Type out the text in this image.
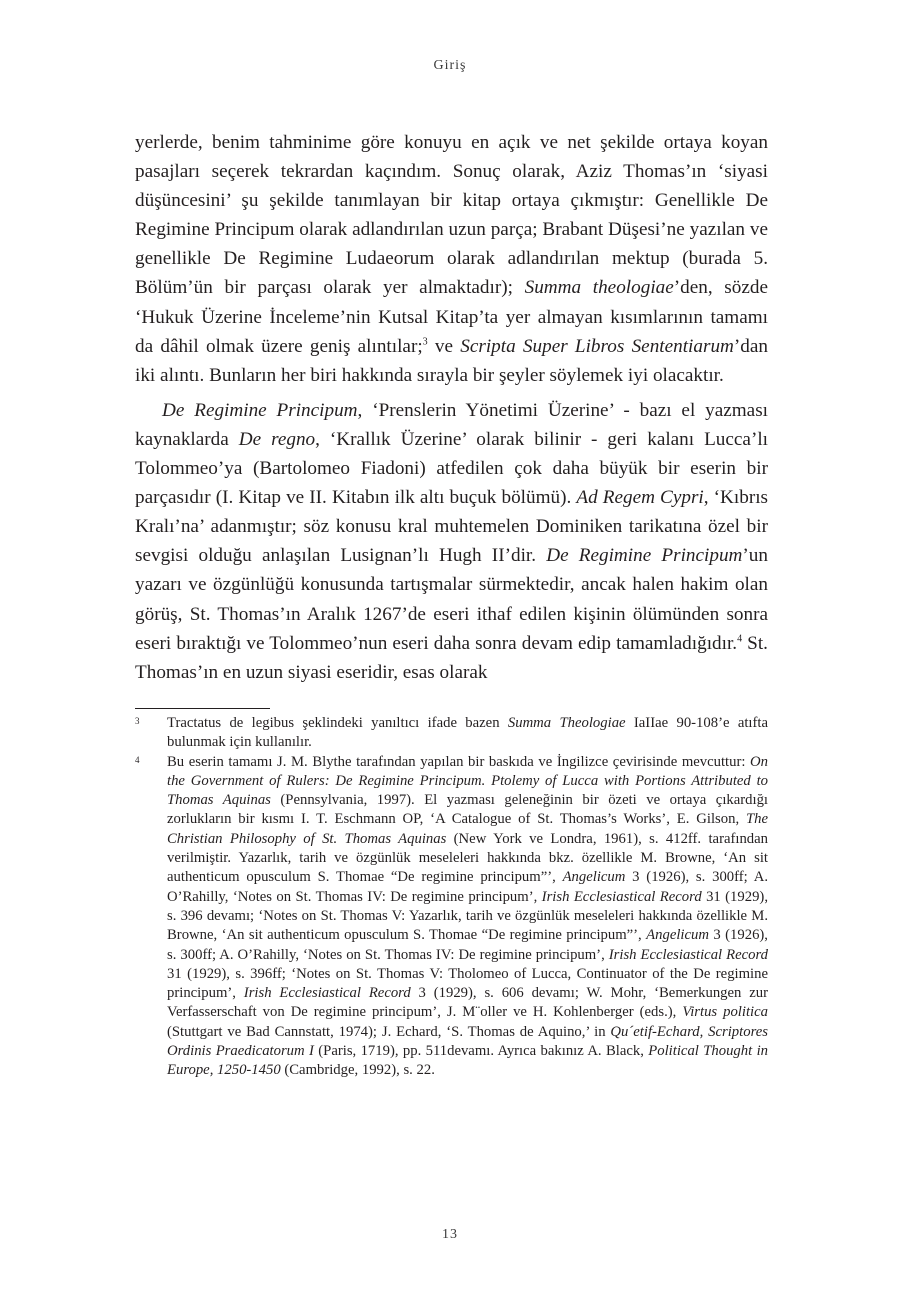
Giriş

yerlerde, benim tahminime göre konuyu en açık ve net şekilde ortaya koyan pasajları seçerek tekrardan kaçındım. Sonuç olarak, Aziz Thomas’ın ‘siyasi düşüncesini’ şu şekilde tanımlayan bir kitap ortaya çıkmıştır: Genellikle De Regimine Principum olarak adlandırılan uzun parça; Brabant Düşesi’ne yazılan ve genellikle De Regimine Ludaeorum olarak adlandırılan mektup (burada 5. Bölüm’ün bir parçası olarak yer almaktadır); Summa theologiae’den, sözde ‘Hukuk Üzerine İnceleme’nin Kutsal Kitap’ta yer almayan kısımlarının tamamı da dâhil olmak üzere geniş alıntılar;$^3$ ve Scripta Super Libros Sententiarum’dan iki alıntı. Bunların her biri hakkında sırayla bir şeyler söylemek iyi olacaktır.

De Regimine Principum, ‘Prenslerin Yönetimi Üzerine’ - bazı el yazması kaynaklarda De regno, ‘Krallık Üzerine’ olarak bilinir - geri kalanı Lucca’lı Tolommeo’ya (Bartolomeo Fiadoni) atfedilen çok daha büyük bir eserin bir parçasıdır (I. Kitap ve II. Kitabın ilk altı buçuk bölümü). Ad Regem Cypri, ‘Kıbrıs Kralı’na’ adanmıştır; söz konusu kral muhtemelen Dominiken tarikatına özel bir sevgisi olduğu anlaşılan Lusignan’lı Hugh II’dir. De Regimine Principum’un yazarı ve özgünlüğü konusunda tartışmalar sürmektedir, ancak halen hakim olan görüş, St. Thomas’ın Aralık 1267’de eseri ithaf edilen kişinin ölümünden sonra eseri bıraktığı ve Tolommeo’nun eseri daha sonra devam edip tamamladığıdır.$^4$ St. Thomas’ın en uzun siyasi eseridir, esas olarak

3 Tractatus de legibus şeklindeki yanıltıcı ifade bazen Summa Theologiae IaIIae 90-108’e atıfta bulunmak için kullanılır.
4 Bu eserin tamamı J. M. Blythe tarafından yapılan bir baskıda ve İngilizce çevirisinde mevcuttur: On the Government of Rulers: De Regimine Principum. Ptolemy of Lucca with Portions Attributed to Thomas Aquinas (Pennsylvania, 1997). El yazması geleneğinin bir özeti ve ortaya çıkardığı zorlukların bir kısmı I. T. Eschmann OP, ‘A Catalogue of St. Thomas’s Works’, E. Gilson, The Christian Philosophy of St. Thomas Aquinas (New York ve Londra, 1961), s. 412ff. tarafından verilmiştir. Yazarlık, tarih ve özgünlük meseleleri hakkında bkz. özellikle M. Browne, ‘An sit authenticum opusculum S. Thomae “De regimine principum”’, Angelicum 3 (1926), s. 300ff; A. O’Rahilly, ‘Notes on St. Thomas IV: De regimine principum’, Irish Ecclesiastical Record 31 (1929), s. 396 devamı; ‘Notes on St. Thomas V: Yazarlık, tarih ve özgünlük meseleleri hakkında özellikle M. Browne, ‘An sit authenticum opusculum S. Thomae “De regimine principum”’, Angelicum 3 (1926), s. 300ff; A. O’Rahilly, ‘Notes on St. Thomas IV: De regimine principum’, Irish Ecclesiastical Record 31 (1929), s. 396ff; ‘Notes on St. Thomas V: Tholomeo of Lucca, Continuator of the De regimine principum’, Irish Ecclesiastical Record 3 (1929), s. 606 devamı; W. Mohr, ‘Bemerkungen zur Verfasserschaft von De regimine principum’, J. M¨oller ve H. Kohlenberger (eds.), Virtus politica (Stuttgart ve Bad Cannstatt, 1974); J. Echard, ‘S. Thomas de Aquino,’ in Qu´etif-Echard, Scriptores Ordinis Praedicatorum I (Paris, 1719), pp. 511devamı. Ayrıca bakınız A. Black, Political Thought in Europe, 1250-1450 (Cambridge, 1992), s. 22.
13
